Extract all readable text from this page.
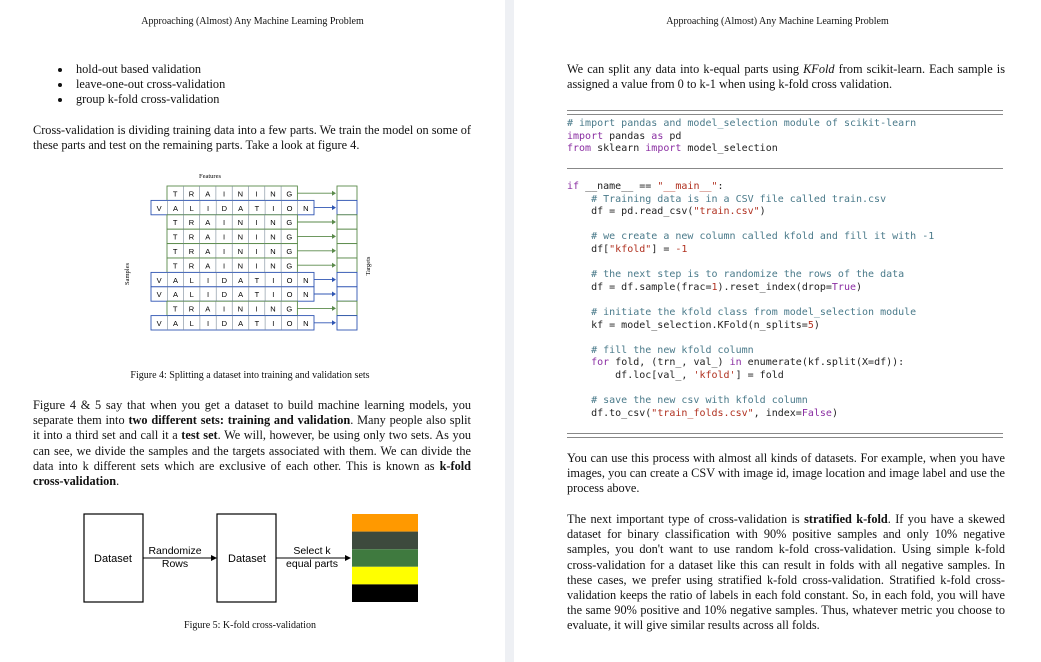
Approaching (Almost) Any Machine Learning Problem
hold-out based validation
leave-one-out cross-validation
group k-fold cross-validation
Cross-validation is dividing training data into a few parts. We train the model on some of these parts and test on the remaining parts. Take a look at figure 4.
Features
Samples	Targets
T R A I N I N G
V A L I D A T I O N
T R A I N I N G
T R A I N I N G
T R A I N I N G
T R A I N I N G
V A L I D A T I O N
V A L I D A T I O N
T R A I N I N G
V A L I D A T I O N
Figure 4: Splitting a dataset into training and validation sets
Figure 4 & 5 say that when you get a dataset to build machine learning models, you separate them into two different sets: training and validation. Many people also split it into a third set and call it a test set. We will, however, be using only two sets. As you can see, we divide the samples and the targets associated with them. We can divide the data into k different sets which are exclusive of each other. This is known as k-fold cross-validation.
Dataset
Randomize
Rows	Dataset
Select k
equal parts
Figure 5: K-fold cross-validation
Approaching (Almost) Any Machine Learning Problem
We can split any data into k-equal parts using KFold from scikit-learn. Each sample is assigned a value from 0 to k-1 when using k-fold cross validation.
# import pandas and model_selection module of scikit-learn
import pandas as pd
from sklearn import model_selection
if __name__ == "__main__":
# Training data is in a CSV file called train.csv
df = pd.read_csv("train.csv")

# we create a new column called kfold and fill it with -1
df["kfold"] = -1

# the next step is to randomize the rows of the data
df = df.sample(frac=1).reset_index(drop=True)

# initiate the kfold class from model_selection module
kf = model_selection.KFold(n_splits=5)

# fill the new kfold column
for fold, (trn_, val_) in enumerate(kf.split(X=df)):
df.loc[val_, 'kfold'] = fold

# save the new csv with kfold column
df.to_csv("train_folds.csv", index=False)
You can use this process with almost all kinds of datasets. For example, when you have images, you can create a CSV with image id, image location and image label and use the process above.
The next important type of cross-validation is stratified k-fold. If you have a skewed dataset for binary classification with 90% positive samples and only 10% negative samples, you don't want to use random k-fold cross-validation. Using simple k-fold cross-validation for a dataset like this can result in folds with all negative samples. In these cases, we prefer using stratified k-fold cross-validation. Stratified k-fold cross-validation keeps the ratio of labels in each fold constant. So, in each fold, you will have the same 90% positive and 10% negative samples. Thus, whatever metric you choose to evaluate, it will give similar results across all folds.
